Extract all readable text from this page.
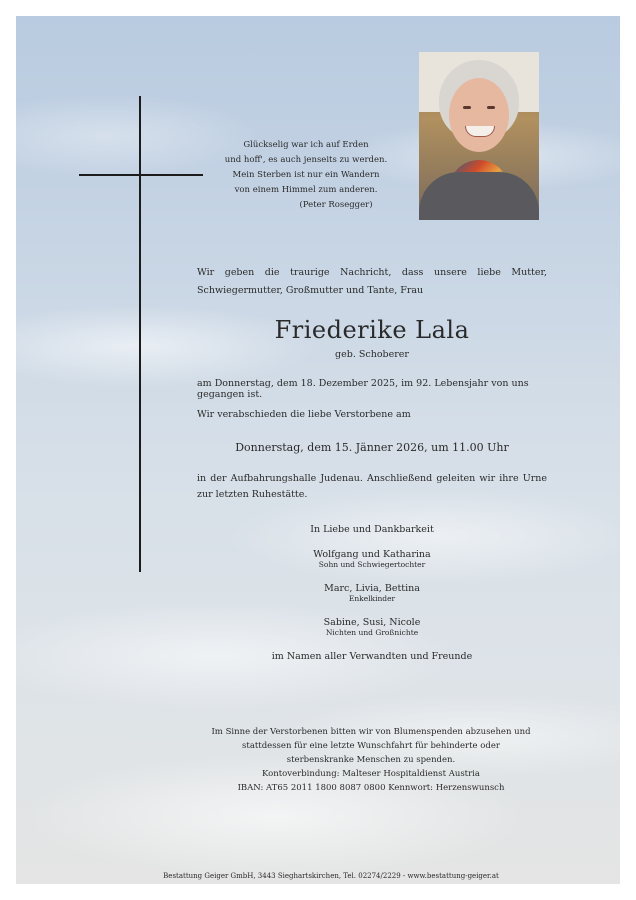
Glückselig war ich auf Erden
und hoff', es auch jenseits zu werden.
Mein Sterben ist nur ein Wandern
von einem Himmel zum anderen.
(Peter Rosegger)
Wir geben die traurige Nachricht, dass unsere liebe Mutter, Schwiegermutter, Großmutter und Tante, Frau
Friederike Lala
geb. Schoberer
am Donnerstag, dem 18. Dezember 2025, im 92. Lebensjahr von uns gegangen ist.
Wir verabschieden die liebe Verstorbene am
Donnerstag, dem 15. Jänner 2026, um 11.00 Uhr
in der Aufbahrungshalle Judenau. Anschließend geleiten wir ihre Urne zur letzten Ruhestätte.
In Liebe und Dankbarkeit
Wolfgang und Katharina
Sohn und Schwiegertochter
Marc, Livia, Bettina
Enkelkinder
Sabine, Susi, Nicole
Nichten und Großnichte
im Namen aller Verwandten und Freunde
Im Sinne der Verstorbenen bitten wir von Blumenspenden abzusehen und
stattdessen für eine letzte Wunschfahrt für behinderte oder
sterbenskranke Menschen zu spenden.
Kontoverbindung: Malteser Hospitaldienst Austria
IBAN: AT65 2011 1800 8087 0800 Kennwort: Herzenswunsch
Bestattung Geiger GmbH, 3443 Sieghartskirchen, Tel. 02274/2229 - www.bestattung-geiger.at
